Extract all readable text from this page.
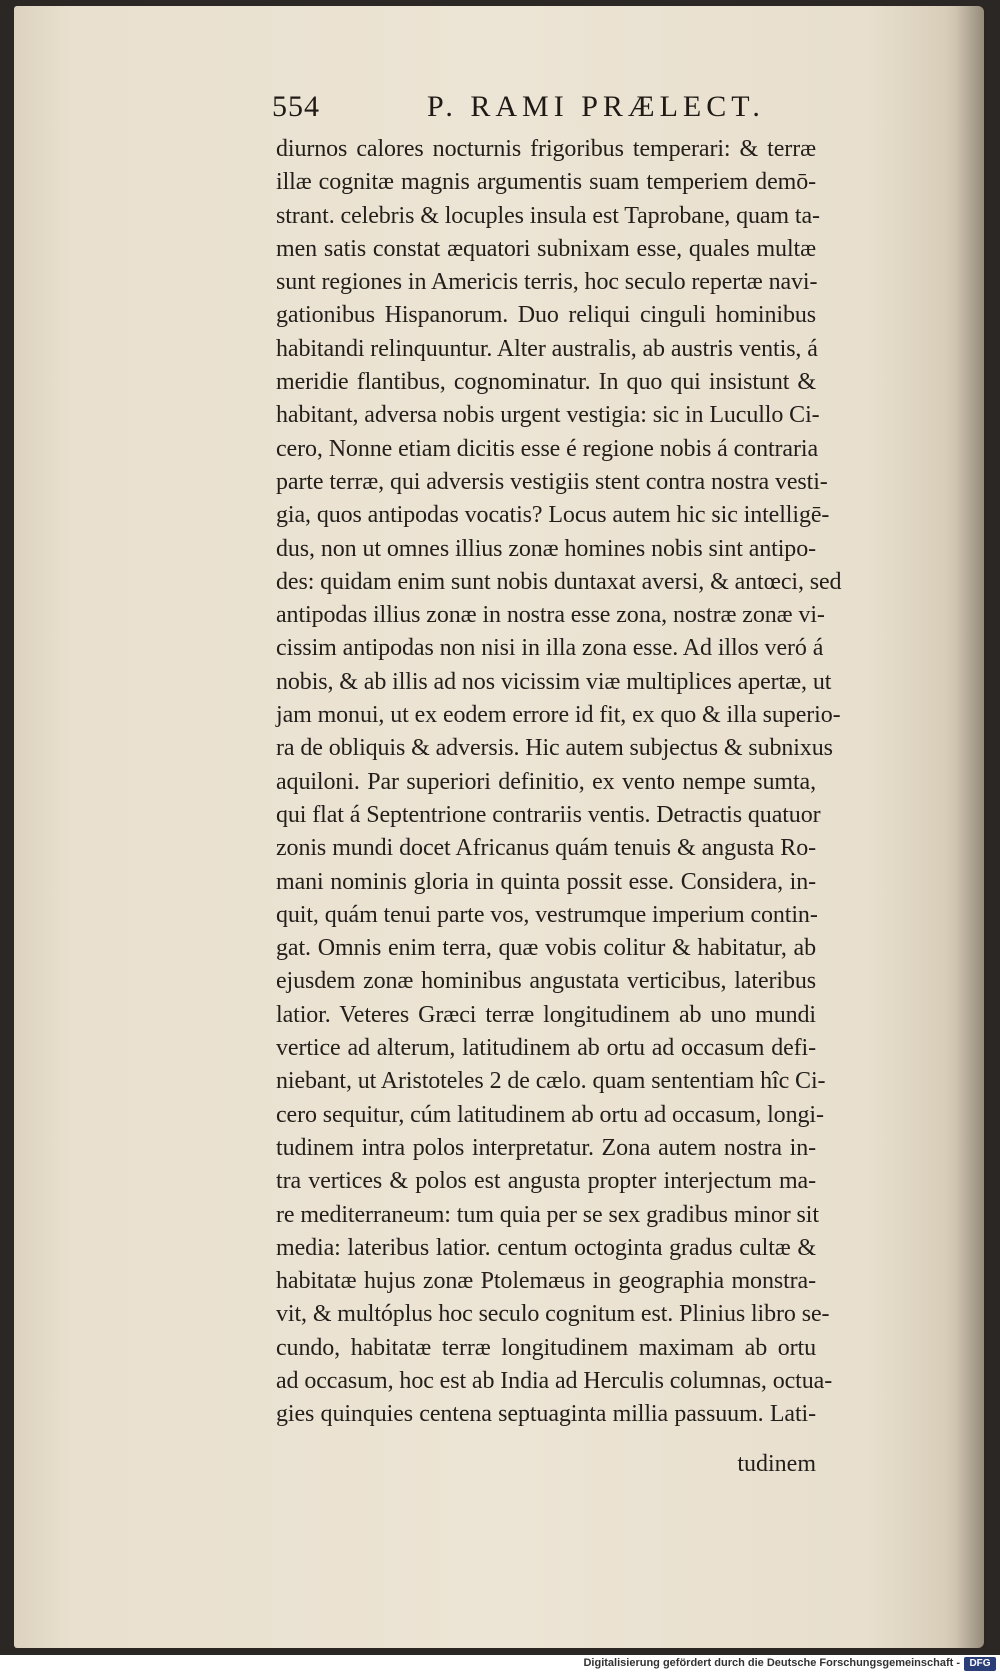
554	P. RAMI PRÆLECT.
diurnos calores nocturnis frigoribus temperari: & terræ
illæ cognitæ magnis argumentis suam temperiem demō-
strant. celebris & locuples insula est Taprobane, quam ta-
men satis constat æquatori subnixam esse, quales multæ
sunt regiones in Americis terris, hoc seculo repertæ navi-
gationibus Hispanorum. Duo reliqui cinguli hominibus
habitandi relinquuntur. Alter australis, ab austris ventis, á
meridie flantibus, cognominatur. In quo qui insistunt &
habitant, adversa nobis urgent vestigia: sic in Lucullo Ci-
cero, Nonne etiam dicitis esse é regione nobis á contraria
parte terræ, qui adversis vestigiis stent contra nostra vesti-
gia, quos antipodas vocatis? Locus autem hic sic intelligē-
dus, non ut omnes illius zonæ homines nobis sint antipo-
des: quidam enim sunt nobis duntaxat aversi, & antœci, sed
antipodas illius zonæ in nostra esse zona, nostræ zonæ vi-
cissim antipodas non nisi in illa zona esse. Ad illos veró á
nobis, & ab illis ad nos vicissim viæ multiplices apertæ, ut
jam monui, ut ex eodem errore id fit, ex quo & illa superio-
ra de obliquis & adversis. Hic autem subjectus & subnixus
aquiloni. Par superiori definitio, ex vento nempe sumta,
qui flat á Septentrione contrariis ventis. Detractis quatuor
zonis mundi docet Africanus quám tenuis & angusta Ro-
mani nominis gloria in quinta possit esse. Considera, in-
quit, quám tenui parte vos, vestrumque imperium contin-
gat. Omnis enim terra, quæ vobis colitur & habitatur, ab
ejusdem zonæ hominibus angustata verticibus, lateribus
latior. Veteres Græci terræ longitudinem ab uno mundi
vertice ad alterum, latitudinem ab ortu ad occasum defi-
niebant, ut Aristoteles 2 de cælo. quam sententiam hîc Ci-
cero sequitur, cúm latitudinem ab ortu ad occasum, longi-
tudinem intra polos interpretatur. Zona autem nostra in-
tra vertices & polos est angusta propter interjectum ma-
re mediterraneum: tum quia per se sex gradibus minor sit
media: lateribus latior. centum octoginta gradus cultæ &
habitatæ hujus zonæ Ptolemæus in geographia monstra-
vit, & multóplus hoc seculo cognitum est. Plinius libro se-
cundo, habitatæ terræ longitudinem maximam ab ortu
ad occasum, hoc est ab India ad Herculis columnas, octua-
gies quinquies centena septuaginta millia passuum. Lati-
tudinem
Digitalisierung gefördert durch die Deutsche Forschungsgemeinschaft - DFG
